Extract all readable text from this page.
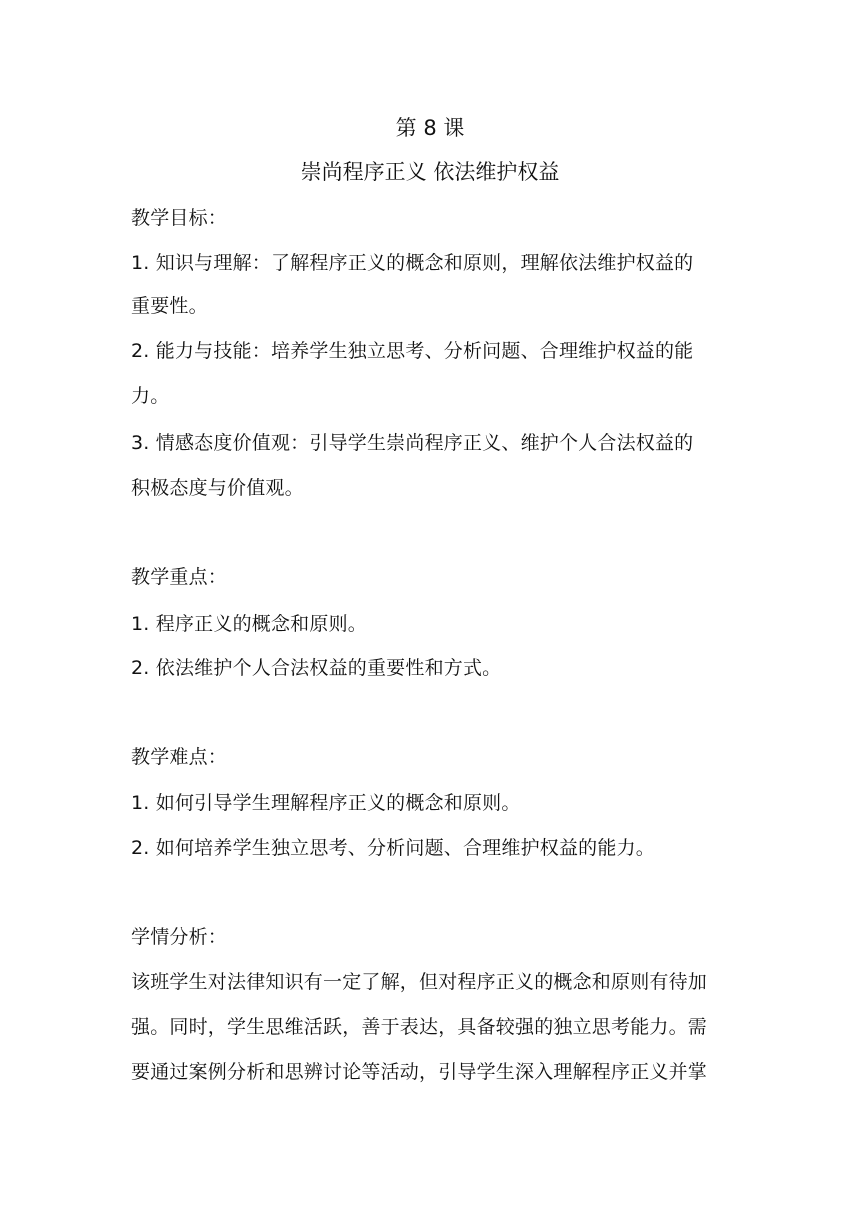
第 8 课
崇尚程序正义 依法维护权益
教学目标：
1. 知识与理解：了解程序正义的概念和原则，理解依法维护权益的
重要性。
2. 能力与技能：培养学生独立思考、分析问题、合理维护权益的能
力。
3. 情感态度价值观：引导学生崇尚程序正义、维护个人合法权益的
积极态度与价值观。
教学重点：
1. 程序正义的概念和原则。
2. 依法维护个人合法权益的重要性和方式。
教学难点：
1. 如何引导学生理解程序正义的概念和原则。
2. 如何培养学生独立思考、分析问题、合理维护权益的能力。
学情分析：
该班学生对法律知识有一定了解，但对程序正义的概念和原则有待加
强。同时，学生思维活跃，善于表达，具备较强的独立思考能力。需
要通过案例分析和思辨讨论等活动，引导学生深入理解程序正义并掌
